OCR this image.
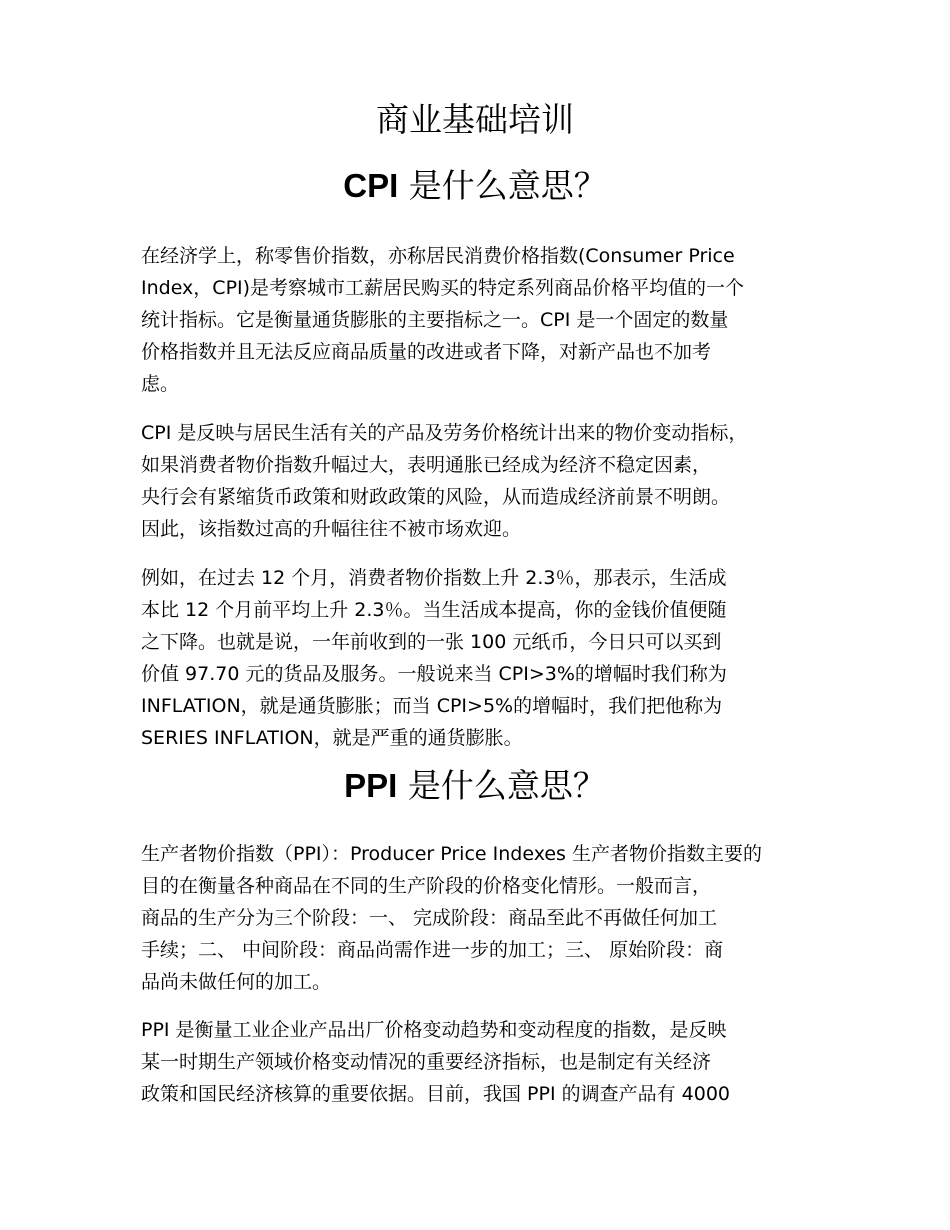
商业基础培训
CPI 是什么意思？
在经济学上，称零售价指数，亦称居民消费价格指数(Consumer Price
Index，CPI)是考察城市工薪居民购买的特定系列商品价格平均值的一个
统计指标。它是衡量通货膨胀的主要指标之一。CPI 是一个固定的数量
价格指数并且无法反应商品质量的改进或者下降，对新产品也不加考
虑。
CPI 是反映与居民生活有关的产品及劳务价格统计出来的物价变动指标，
如果消费者物价指数升幅过大，表明通胀已经成为经济不稳定因素，
央行会有紧缩货币政策和财政政策的风险，从而造成经济前景不明朗。
因此，该指数过高的升幅往往不被市场欢迎。
例如，在过去 12 个月，消费者物价指数上升 2.3％，那表示，生活成
本比 12 个月前平均上升 2.3％。当生活成本提高，你的金钱价值便随
之下降。也就是说，一年前收到的一张 100 元纸币，今日只可以买到
价值 97.70 元的货品及服务。一般说来当 CPI>3%的增幅时我们称为
INFLATION，就是通货膨胀；而当 CPI>5%的增幅时，我们把他称为
SERIES INFLATION，就是严重的通货膨胀。
PPI 是什么意思？
生产者物价指数（PPI）：Producer Price Indexes 生产者物价指数主要的
目的在衡量各种商品在不同的生产阶段的价格变化情形。一般而言，
商品的生产分为三个阶段：一、 完成阶段：商品至此不再做任何加工
手续；二、 中间阶段：商品尚需作进一步的加工；三、 原始阶段：商
品尚未做任何的加工。
PPI 是衡量工业企业产品出厂价格变动趋势和变动程度的指数，是反映
某一时期生产领域价格变动情况的重要经济指标，也是制定有关经济
政策和国民经济核算的重要依据。目前，我国 PPI 的调查产品有 4000
